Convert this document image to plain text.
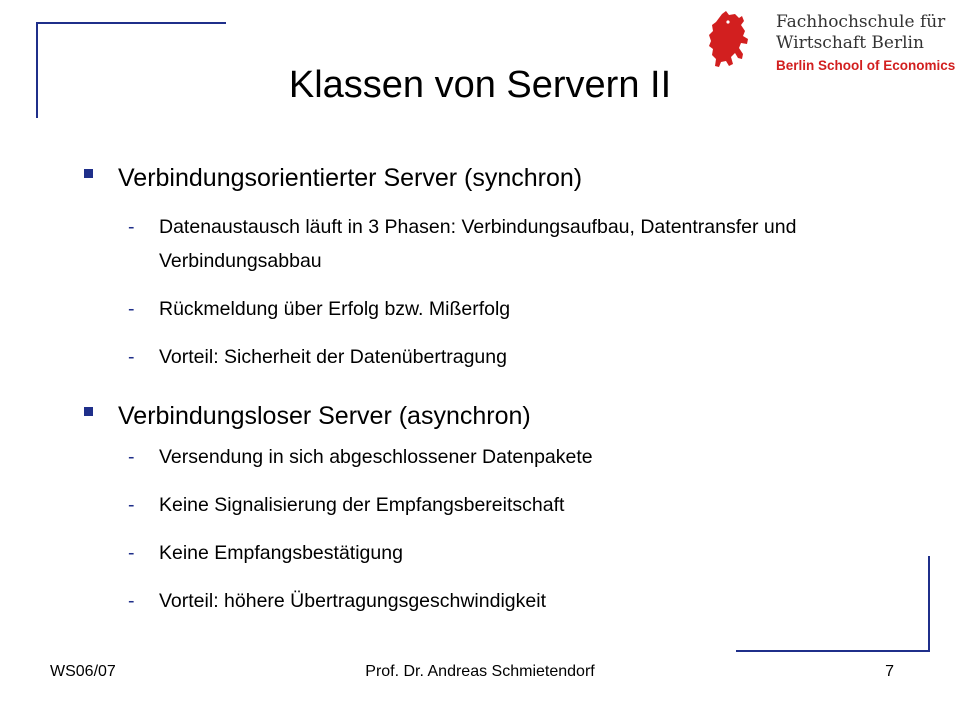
Fachhochschule für
Wirtschaft Berlin
Berlin School of Economics
Klassen von Servern II
Verbindungsorientierter Server (synchron)
- Datenaustausch läuft in 3 Phasen: Verbindungsaufbau, Datentransfer und Verbindungsabbau
- Rückmeldung über Erfolg bzw. Mißerfolg
- Vorteil: Sicherheit der Datenübertragung
Verbindungsloser Server (asynchron)
- Versendung in sich abgeschlossener Datenpakete
- Keine Signalisierung der Empfangsbereitschaft
- Keine Empfangsbestätigung
- Vorteil: höhere Übertragungsgeschwindigkeit
WS06/07	Prof. Dr. Andreas Schmietendorf	7
